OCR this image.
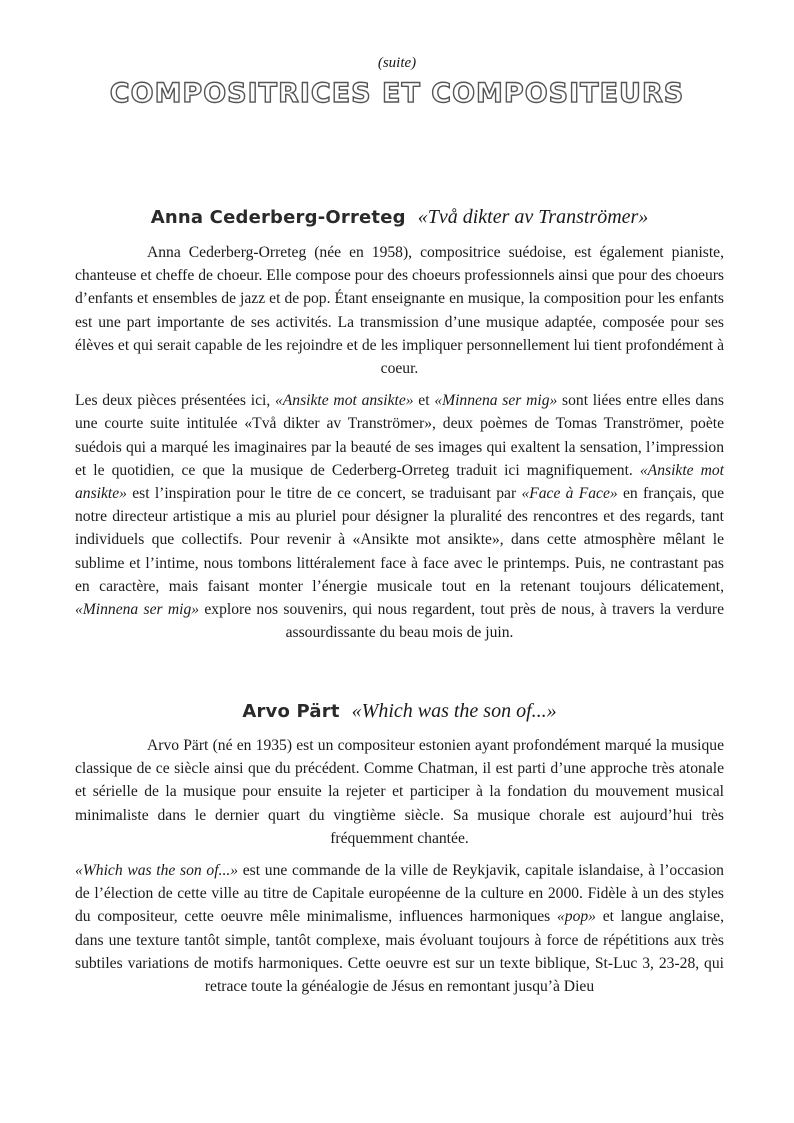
(suite)
COMPOSITRICES ET COMPOSITEURS
Anna Cederberg-Orreteg «Två dikter av Tranströmer»

Anna Cederberg-Orreteg (née en 1958), compositrice suédoise, est également pianiste, chanteuse et cheffe de choeur. Elle compose pour des choeurs professionnels ainsi que pour des choeurs d’enfants et ensembles de jazz et de pop. Étant enseignante en musique, la composition pour les enfants est une part importante de ses activités. La transmission d’une musique adaptée, composée pour ses élèves et qui serait capable de les rejoindre et de les impliquer personnellement lui tient profondément à coeur.

Les deux pièces présentées ici, «Ansikte mot ansikte» et «Minnena ser mig» sont liées entre elles dans une courte suite intitulée «Två dikter av Tranströmer», deux poèmes de Tomas Tranströmer, poète suédois qui a marqué les imaginaires par la beauté de ses images qui exaltent la sensation, l’impression et le quotidien, ce que la musique de Cederberg-Orreteg traduit ici magnifiquement. «Ansikte mot ansikte» est l’inspiration pour le titre de ce concert, se traduisant par «Face à Face» en français, que notre directeur artistique a mis au pluriel pour désigner la pluralité des rencontres et des regards, tant individuels que collectifs. Pour revenir à «Ansikte mot ansikte», dans cette atmosphère mêlant le sublime et l’intime, nous tombons littéralement face à face avec le printemps. Puis, ne contrastant pas en caractère, mais faisant monter l’énergie musicale tout en la retenant toujours délicatement, «Minnena ser mig» explore nos souvenirs, qui nous regardent, tout près de nous, à travers la verdure assourdissante du beau mois de juin.

Arvo Pärt «Which was the son of...»

Arvo Pärt (né en 1935) est un compositeur estonien ayant profondément marqué la musique classique de ce siècle ainsi que du précédent. Comme Chatman, il est parti d’une approche très atonale et sérielle de la musique pour ensuite la rejeter et participer à la fondation du mouvement musical minimaliste dans le dernier quart du vingtième siècle. Sa musique chorale est aujourd’hui très fréquemment chantée.

«Which was the son of...» est une commande de la ville de Reykjavik, capitale islandaise, à l’occasion de l’élection de cette ville au titre de Capitale européenne de la culture en 2000. Fidèle à un des styles du compositeur, cette oeuvre mêle minimalisme, influences harmoniques «pop» et langue anglaise, dans une texture tantôt simple, tantôt complexe, mais évoluant toujours à force de répétitions aux très subtiles variations de motifs harmoniques. Cette oeuvre est sur un texte biblique, St-Luc 3, 23-28, qui retrace toute la généalogie de Jésus en remontant jusqu’à Dieu
